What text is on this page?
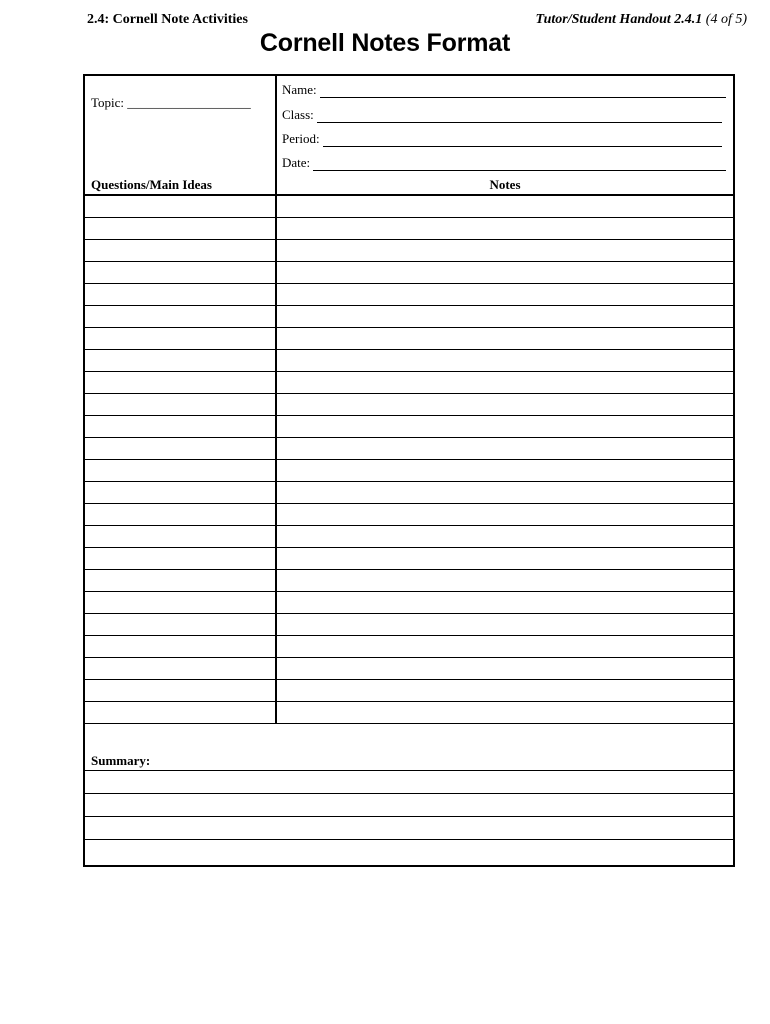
2.4: Cornell Note Activities	Tutor/Student Handout 2.4.1 (4 of 5)
Cornell Notes Format
Topic: ___________________
Name:
Class:
Period:
Date:
Questions/Main Ideas	Notes
Summary:
